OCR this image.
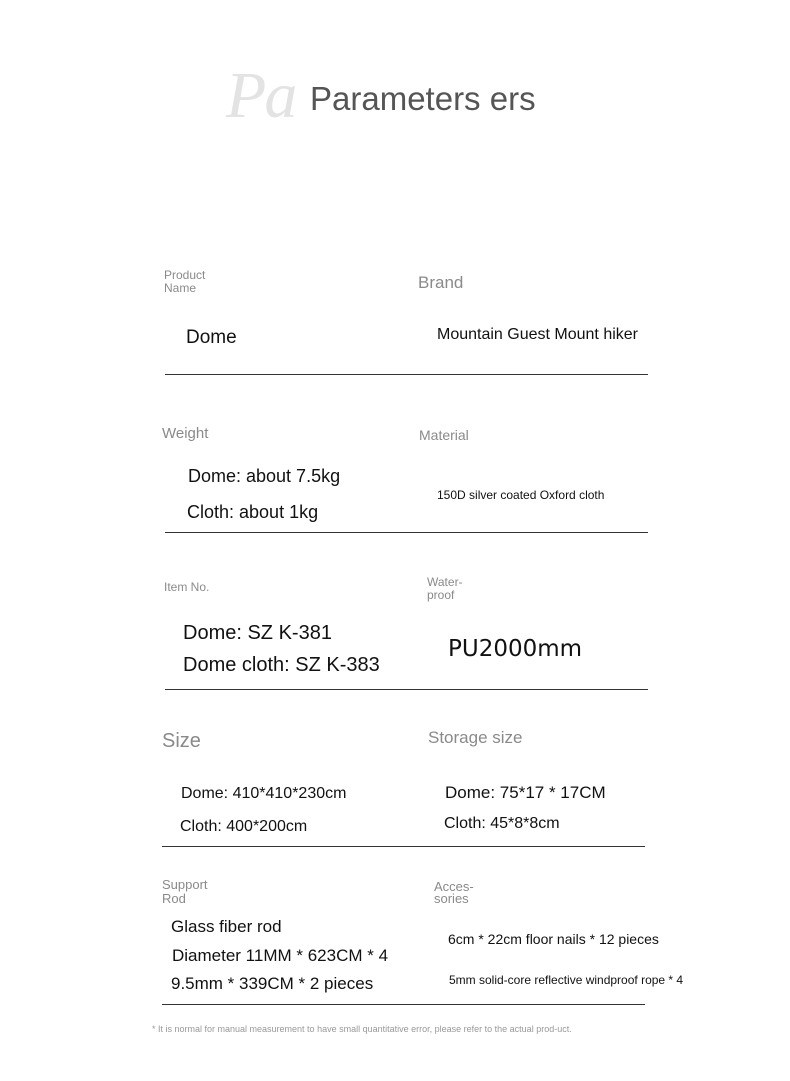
Pa Parameters ers
Product
Name
Dome
Brand
Mountain Guest Mount hiker
Weight
Dome: about 7.5kg
Cloth: about 1kg
Material
150D silver coated Oxford cloth
Item No.
Dome: SZ K-381
Dome cloth: SZ K-383
Water-
proof
PU2000mm
Size
Dome: 410*410*230cm
Cloth: 400*200cm
Storage size
Dome: 75*17 * 17CM
Cloth: 45*8*8cm
Support
Rod
Glass fiber rod
Diameter 11MM * 623CM * 4
9.5mm * 339CM * 2 pieces
Acces-
sories
6cm * 22cm floor nails * 12 pieces
5mm solid-core reflective windproof rope * 4
* It is normal for manual measurement to have small quantitative error, please refer to the actual prod-uct.
